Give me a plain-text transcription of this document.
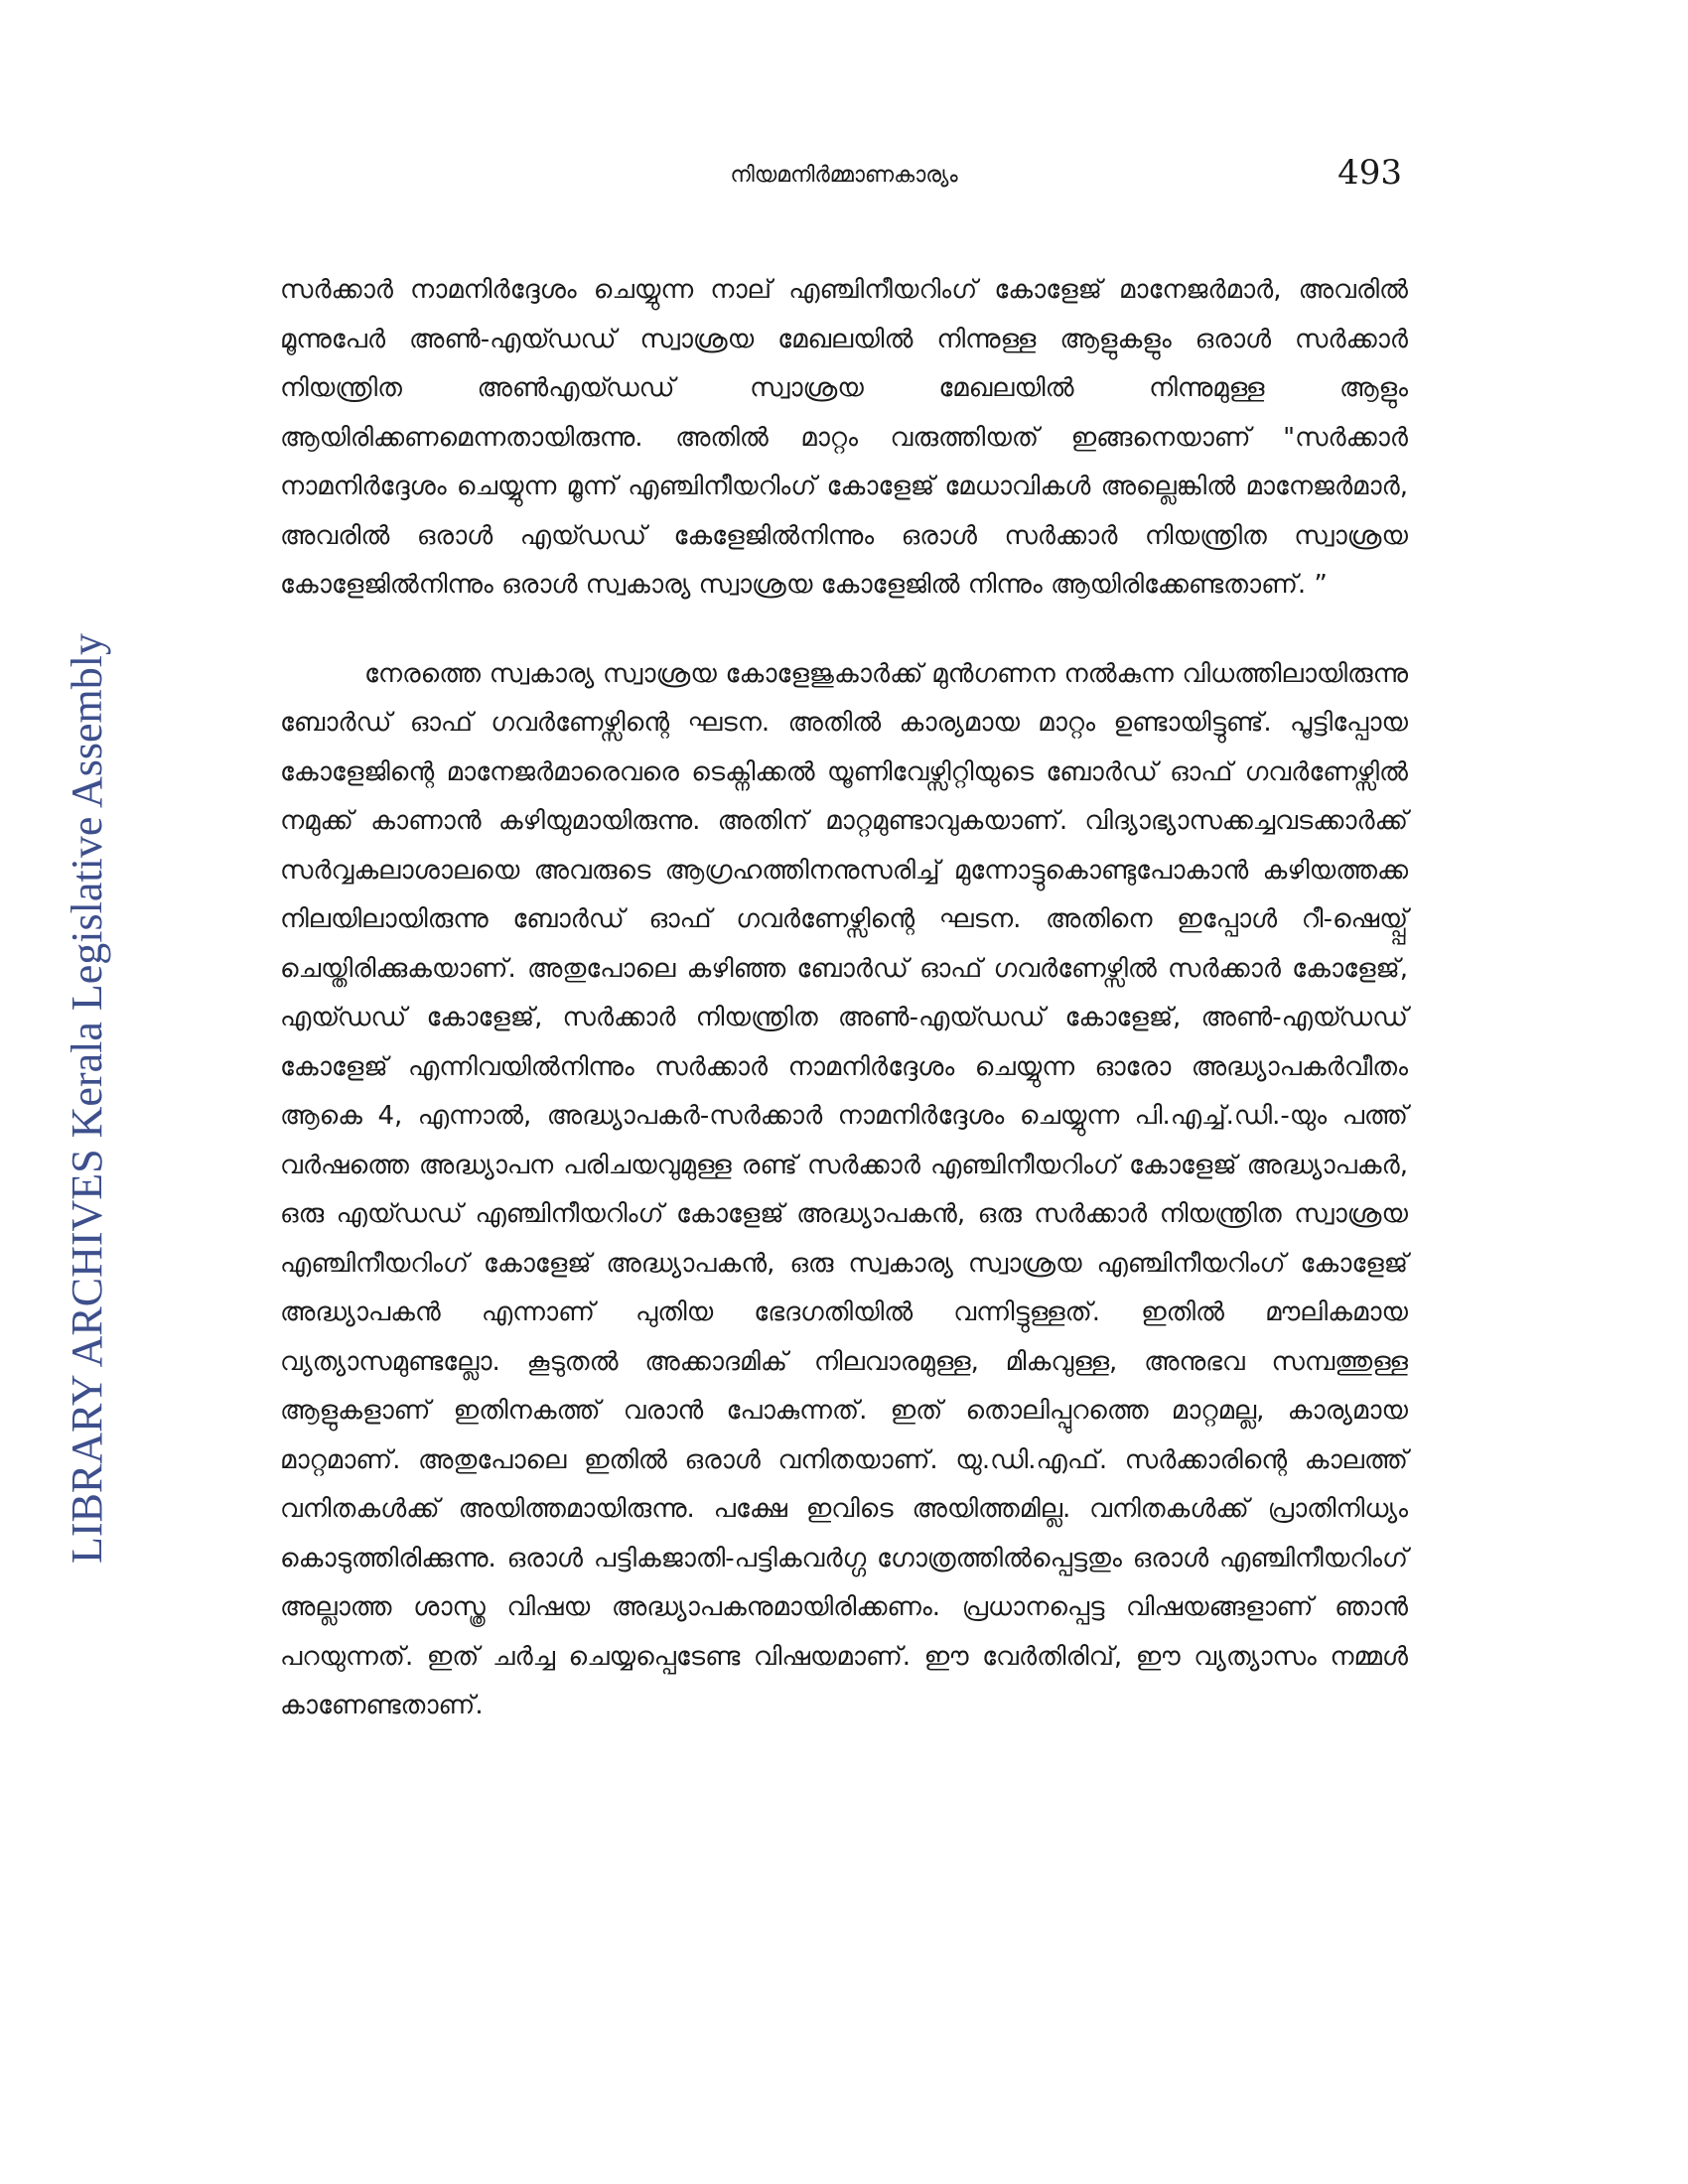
നിയമനിർമ്മാണകാര്യം	493
LIBRARY ARCHIVES Kerala Legislative Assembly

സർക്കാർ നാമനിർദ്ദേശം ചെയ്യുന്ന നാല് എഞ്ചിനീയറിംഗ് കോളേജ് മാനേജർമാർ, അവരിൽ മൂന്നുപേർ അൺ-എയ്ഡഡ് സ്വാശ്രയ മേഖലയിൽ നിന്നുള്ള ആളുകളും ഒരാൾ സർക്കാർ നിയന്ത്രിത അൺഎയ്ഡഡ് സ്വാശ്രയ മേഖലയിൽ നിന്നുമുള്ള ആളും ആയിരിക്കണമെന്നതായിരുന്നു. അതിൽ മാറ്റം വരുത്തിയത് ഇങ്ങനെയാണ് "സർക്കാർ നാമനിർദ്ദേശം ചെയ്യുന്ന മൂന്ന് എഞ്ചിനീയറിംഗ് കോളേജ് മേധാവികൾ അല്ലെങ്കിൽ മാനേജർമാർ, അവരിൽ ഒരാൾ എയ്ഡഡ് കേളേജിൽനിന്നും ഒരാൾ സർക്കാർ നിയന്ത്രിത സ്വാശ്രയ കോളേജിൽനിന്നും ഒരാൾ സ്വകാര്യ സ്വാശ്രയ കോളേജിൽ നിന്നും ആയിരിക്കേണ്ടതാണ്. ”

നേരത്തെ സ്വകാര്യ സ്വാശ്രയ കോളേജുകാർക്ക് മുൻഗണന നൽകുന്ന വിധത്തിലായിരുന്നു ബോർഡ് ഓഫ് ഗവർണേഴ്സിന്റെ ഘടന. അതിൽ കാര്യമായ മാറ്റം ഉണ്ടായിട്ടുണ്ട്. പൂട്ടിപ്പോയ കോളേജിന്റെ മാനേജർമാരെവരെ ടെക്നിക്കൽ യൂണിവേഴ്സിറ്റിയുടെ ബോർഡ് ഓഫ് ഗവർണേഴ്സിൽ നമുക്ക് കാണാൻ കഴിയുമായിരുന്നു. അതിന് മാറ്റമുണ്ടാവുകയാണ്. വിദ്യാഭ്യാസക്കച്ചവടക്കാർക്ക് സർവ്വകലാശാലയെ അവരുടെ ആഗ്രഹത്തിനനുസരിച്ച് മുന്നോട്ടുകൊണ്ടുപോകാൻ കഴിയത്തക്ക നിലയിലായിരുന്നു ബോർഡ് ഓഫ് ഗവർണേഴ്സിന്റെ ഘടന. അതിനെ ഇപ്പോൾ റീ-ഷെയ്പ്പ് ചെയ്തിരിക്കുകയാണ്. അതുപോലെ കഴിഞ്ഞ ബോർഡ് ഓഫ് ഗവർണേഴ്സിൽ സർക്കാർ കോളേജ്, എയ്ഡഡ് കോളേജ്, സർക്കാർ നിയന്ത്രിത അൺ-എയ്ഡഡ് കോളേജ്, അൺ-എയ്ഡഡ് കോളേജ് എന്നിവയിൽനിന്നും സർക്കാർ നാമനിർദ്ദേശം ചെയ്യുന്ന ഓരോ അദ്ധ്യാപകർവീതം ആകെ 4, എന്നാൽ, അദ്ധ്യാപകർ-സർക്കാർ നാമനിർദ്ദേശം ചെയ്യുന്ന പി.എച്ച്.ഡി.-യും പത്ത് വർഷത്തെ അദ്ധ്യാപന പരിചയവുമുള്ള രണ്ട് സർക്കാർ എഞ്ചിനീയറിംഗ് കോളേജ് അദ്ധ്യാപകർ, ഒരു എയ്ഡഡ് എഞ്ചിനീയറിംഗ് കോളേജ് അദ്ധ്യാപകൻ, ഒരു സർക്കാർ നിയന്ത്രിത സ്വാശ്രയ എഞ്ചിനീയറിംഗ് കോളേജ് അദ്ധ്യാപകൻ, ഒരു സ്വകാര്യ സ്വാശ്രയ എഞ്ചിനീയറിംഗ് കോളേജ് അദ്ധ്യാപകൻ എന്നാണ് പുതിയ ഭേദഗതിയിൽ വന്നിട്ടുള്ളത്. ഇതിൽ മൗലികമായ വ്യത്യാസമുണ്ടല്ലോ. കൂടുതൽ അക്കാദമിക് നിലവാരമുള്ള, മികവുള്ള, അനുഭവ സമ്പത്തുള്ള ആളുകളാണ് ഇതിനകത്ത് വരാൻ പോകുന്നത്. ഇത് തൊലിപ്പുറത്തെ മാറ്റമല്ല, കാര്യമായ മാറ്റമാണ്. അതുപോലെ ഇതിൽ ഒരാൾ വനിതയാണ്. യു.ഡി.എഫ്. സർക്കാരിന്റെ കാലത്ത് വനിതകൾക്ക് അയിത്തമായിരുന്നു. പക്ഷേ ഇവിടെ അയിത്തമില്ല. വനിതകൾക്ക് പ്രാതിനിധ്യം കൊടുത്തിരിക്കുന്നു. ഒരാൾ പട്ടികജാതി-പട്ടികവർഗ്ഗ ഗോത്രത്തിൽപ്പെട്ടതും ഒരാൾ എഞ്ചിനീയറിംഗ് അല്ലാത്ത ശാസ്ത്ര വിഷയ അദ്ധ്യാപകനുമായിരിക്കണം. പ്രധാനപ്പെട്ട വിഷയങ്ങളാണ് ഞാൻ പറയുന്നത്. ഇത് ചർച്ച ചെയ്യപ്പെടേണ്ട വിഷയമാണ്. ഈ വേർതിരിവ്, ഈ വ്യത്യാസം നമ്മൾ കാണേണ്ടതാണ്.
